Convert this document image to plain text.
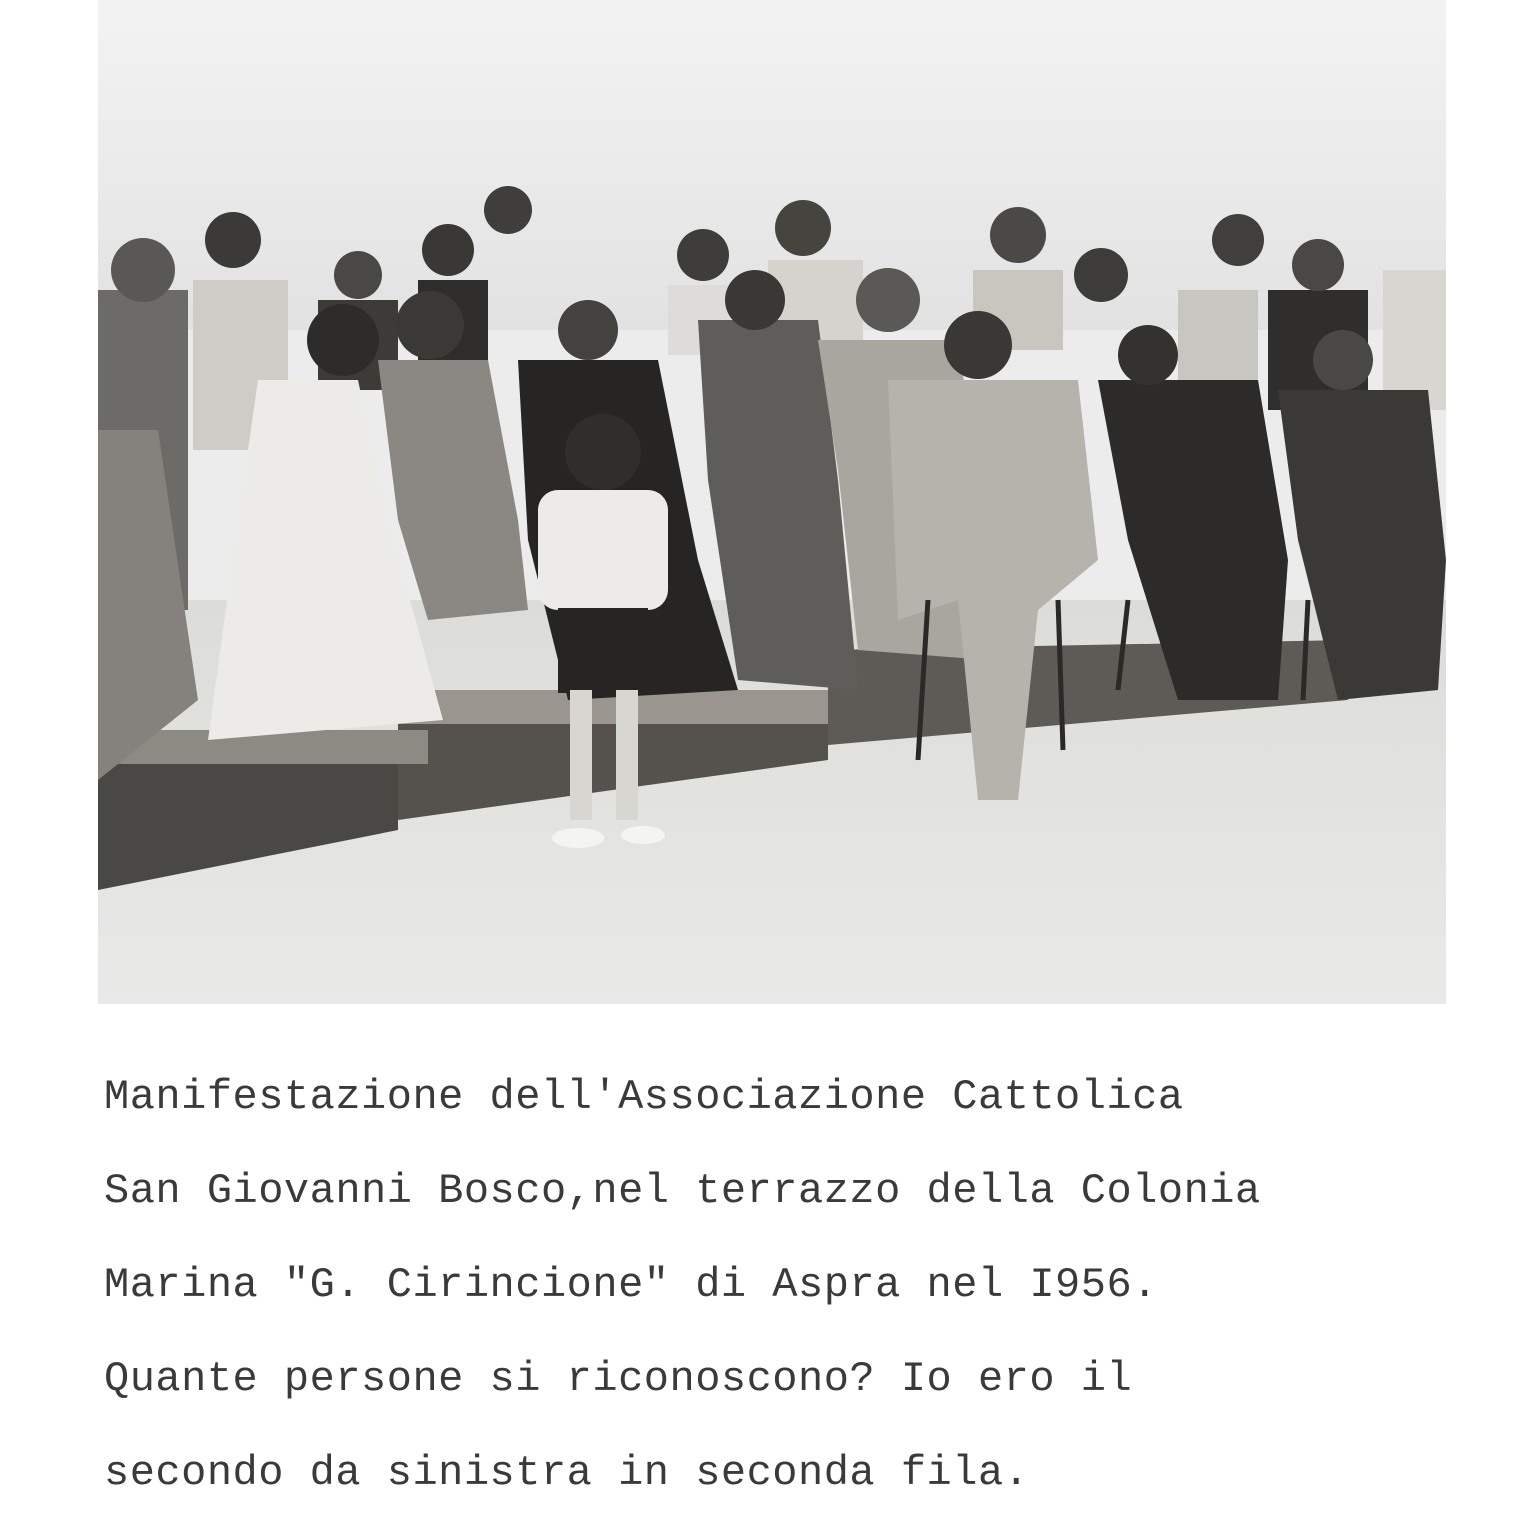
Manifestazione dell'Associazione Cattolica
San Giovanni Bosco,nel terrazzo della Colonia
Marina "G. Cirincione" di Aspra nel I956.
Quante persone si riconoscono? Io ero il
secondo da sinistra in seconda fila.
